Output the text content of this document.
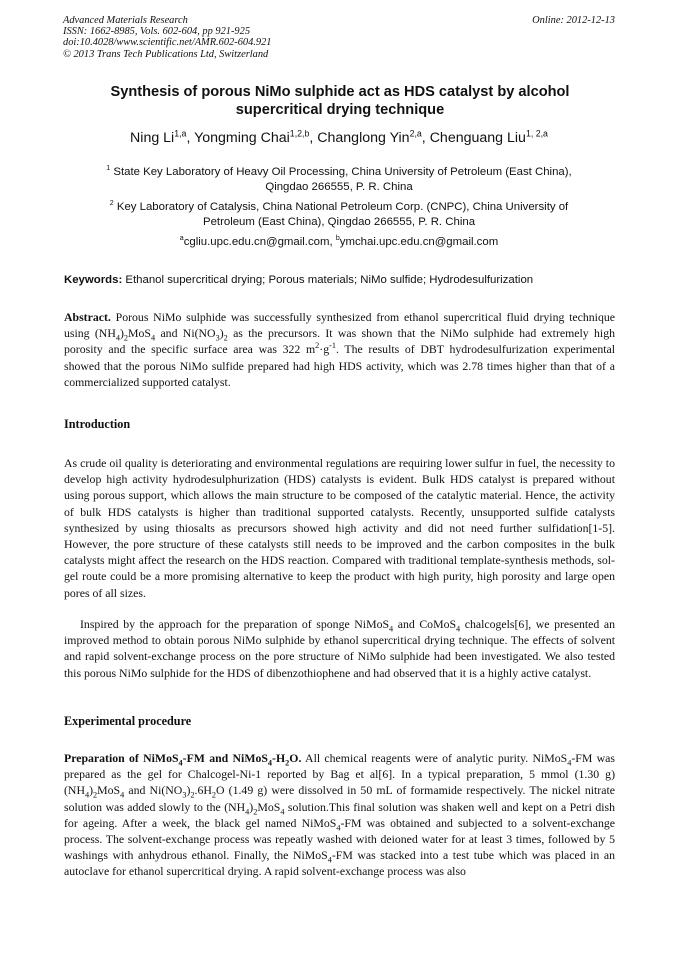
Advanced Materials Research
ISSN: 1662-8985, Vols. 602-604, pp 921-925
doi:10.4028/www.scientific.net/AMR.602-604.921
© 2013 Trans Tech Publications Ltd, Switzerland
Online: 2012-12-13
Synthesis of porous NiMo sulphide act as HDS catalyst by alcohol
supercritical drying technique
Ning Li$^{1,a}$, Yongming Chai$^{1,2,b}$, Changlong Yin$^{2,a}$, Chenguang Liu$^{1, 2,a}$
$^1$ State Key Laboratory of Heavy Oil Processing, China University of Petroleum (East China),
Qingdao 266555, P. R. China
$^2$ Key Laboratory of Catalysis, China National Petroleum Corp. (CNPC), China University of
Petroleum (East China), Qingdao 266555, P. R. China
$^a$cgliu.upc.edu.cn@gmail.com, $^b$ymchai.upc.edu.cn@gmail.com
Keywords: Ethanol supercritical drying; Porous materials; NiMo sulfide; Hydrodesulfurization
Abstract. Porous NiMo sulphide was successfully synthesized from ethanol supercritical fluid drying technique using $(NH_4)_2MoS_4$ and $Ni(NO_3)_2$ as the precursors. It was shown that the NiMo sulphide had extremely high porosity and the specific surface area was 322 $m^2\cdot g^{-1}$. The results of DBT hydrodesulfurization experimental showed that the porous NiMo sulfide prepared had high HDS activity, which was 2.78 times higher than that of a commercialized supported catalyst.
Introduction
As crude oil quality is deteriorating and environmental regulations are requiring lower sulfur in fuel, the necessity to develop high activity hydrodesulphurization (HDS) catalysts is evident. Bulk HDS catalyst is prepared without using porous support, which allows the main structure to be composed of the catalytic material. Hence, the activity of bulk HDS catalysts is higher than traditional supported catalysts. Recently, unsupported sulfide catalysts synthesized by using thiosalts as precursors showed high activity and did not need further sulfidation[1-5]. However, the pore structure of these catalysts still needs to be improved and the carbon composites in the bulk catalysts might affect the research on the HDS reaction. Compared with traditional template-synthesis methods, sol-gel route could be a more promising alternative to keep the product with high purity, high porosity and large open pores of all sizes.
Inspired by the approach for the preparation of sponge NiMoS$_4$ and CoMoS$_4$ chalcogels[6], we presented an improved method to obtain porous NiMo sulphide by ethanol supercritical drying technique. The effects of solvent and rapid solvent-exchange process on the pore structure of NiMo sulphide had been investigated. We also tested this porous NiMo sulphide for the HDS of dibenzothiophene and had observed that it is a highly active catalyst.
Experimental procedure
Preparation of NiMoS$_4$-FM and $NiMoS_4-H_2O$. All chemical reagents were of analytic purity. NiMoS$_4$-FM was prepared as the gel for Chalcogel-Ni-1 reported by Bag et al[6]. In a typical preparation, 5 mmol (1.30 g) $(NH_4)_2MoS_4$ and $Ni(NO_3)_2.6H_2O$ (1.49 g) were dissolved in 50 mL of formamide respectively. The nickel nitrate solution was added slowly to the $(NH_4)_2MoS_4$ solution.This final solution was shaken well and kept on a Petri dish for ageing. After a week, the black gel named NiMoS$_4$-FM was obtained and subjected to a solvent-exchange process. The solvent-exchange process was repeatly washed with deioned water for at least 3 times, followed by 5 washings with anhydrous ethanol. Finally, the NiMoS$_4$-FM was stacked into a test tube which was placed in an autoclave for ethanol supercritical drying. A rapid solvent-exchange process was also
